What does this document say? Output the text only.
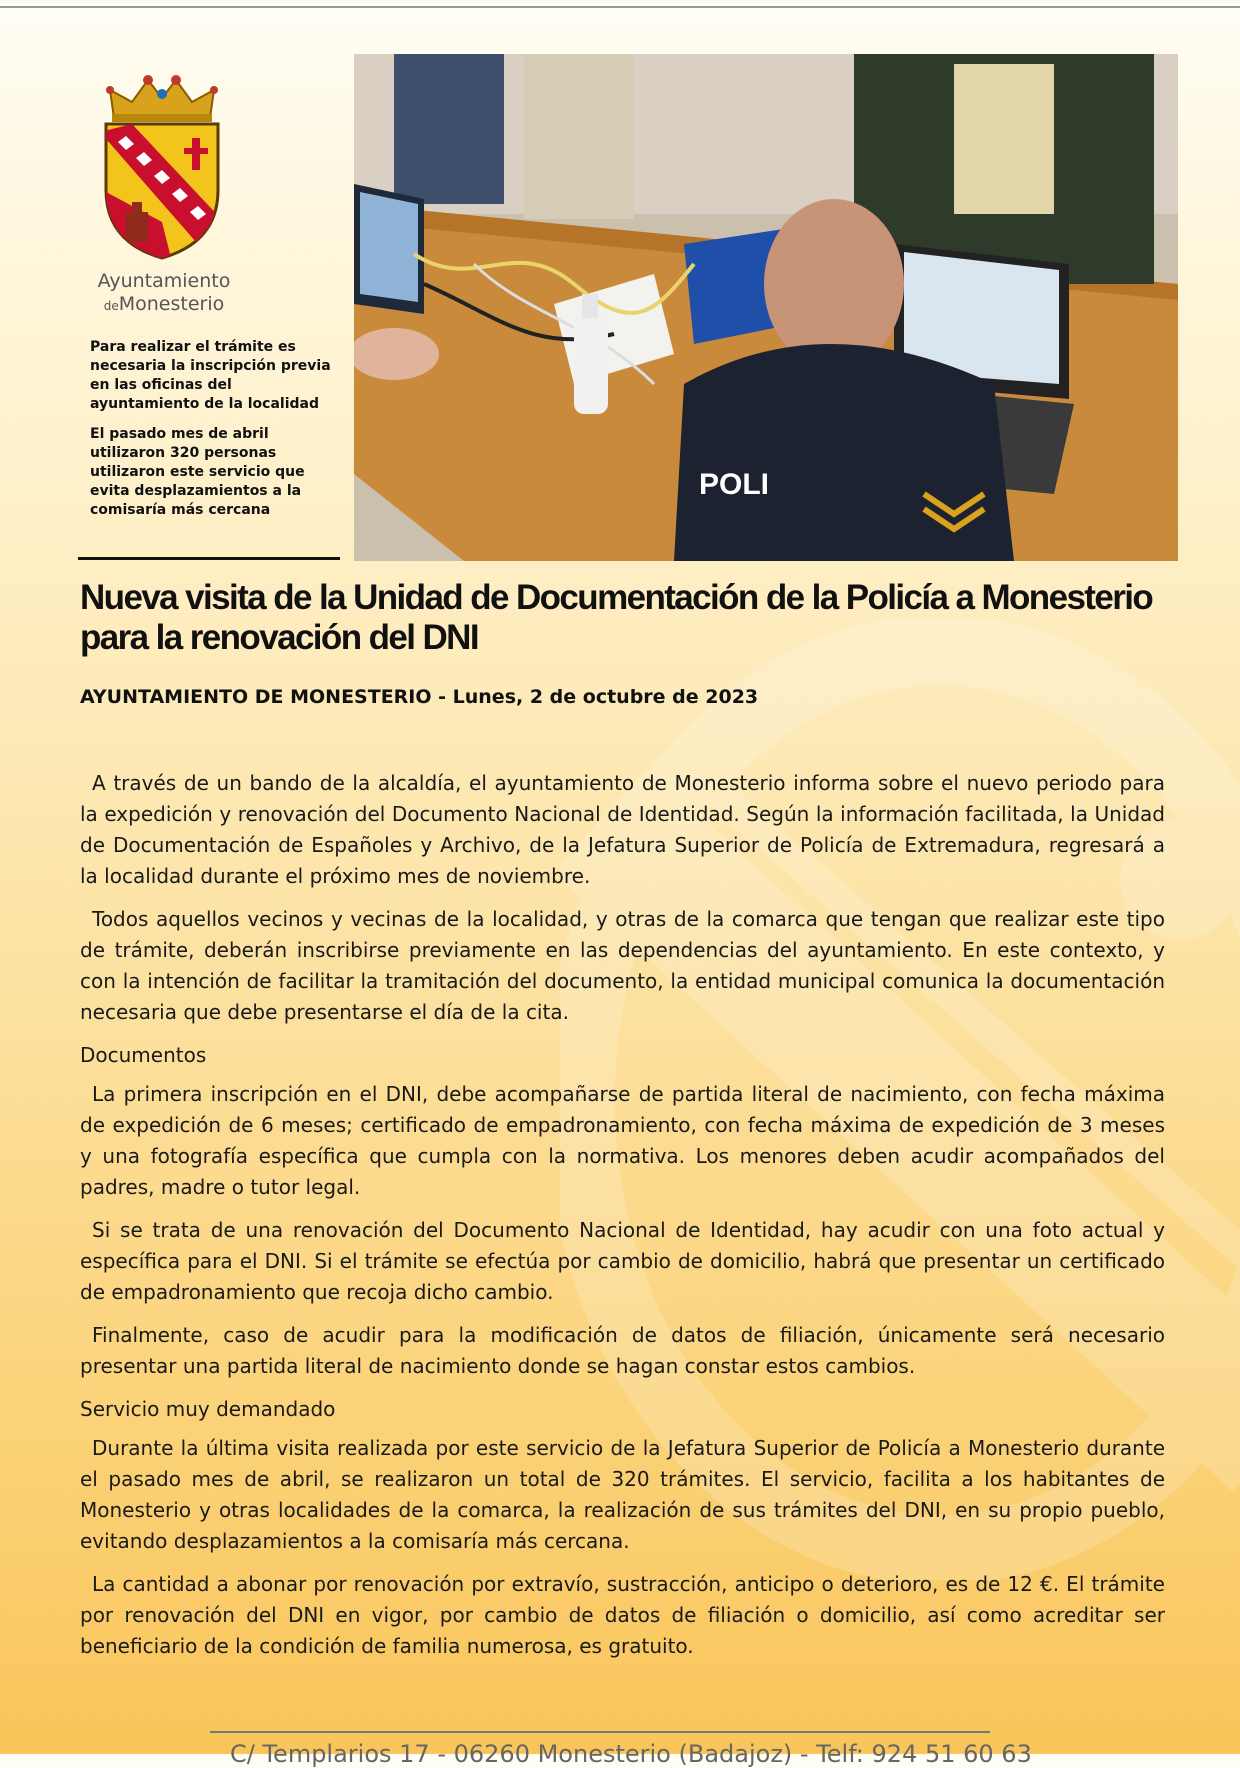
Ayuntamiento
deMonesterio

Para realizar el trámite es necesaria la inscripción previa en las oficinas del ayuntamiento de la localidad

El pasado mes de abril utilizaron 320 personas utilizaron este servicio que evita desplazamientos a la comisaría más cercana

POLI
Nueva visita de la Unidad de Documentación de la Policía a Monesterio para la renovación del DNI
AYUNTAMIENTO DE MONESTERIO - Lunes, 2 de octubre de 2023

A través de un bando de la alcaldía, el ayuntamiento de Monesterio informa sobre el nuevo periodo para la expedición y renovación del Documento Nacional de Identidad. Según la información facilitada, la Unidad de Documentación de Españoles y Archivo, de la Jefatura Superior de Policía de Extremadura, regresará a la localidad durante el próximo mes de noviembre.

Todos aquellos vecinos y vecinas de la localidad, y otras de la comarca que tengan que realizar este tipo de trámite, deberán inscribirse previamente en las dependencias del ayuntamiento. En este contexto, y con la intención de facilitar la tramitación del documento, la entidad municipal comunica la documentación necesaria que debe presentarse el día de la cita.

Documentos

La primera inscripción en el DNI, debe acompañarse de partida literal de nacimiento, con fecha máxima de expedición de 6 meses; certificado de empadronamiento, con fecha máxima de expedición de 3 meses y una fotografía específica que cumpla con la normativa. Los menores deben acudir acompañados del padres, madre o tutor legal.

Si se trata de una renovación del Documento Nacional de Identidad, hay acudir con una foto actual y específica para el DNI. Si el trámite se efectúa por cambio de domicilio, habrá que presentar un certificado de empadronamiento que recoja dicho cambio.

Finalmente, caso de acudir para la modificación de datos de filiación, únicamente será necesario presentar una partida literal de nacimiento donde se hagan constar estos cambios.

Servicio muy demandado

Durante la última visita realizada por este servicio de la Jefatura Superior de Policía a Monesterio durante el pasado mes de abril, se realizaron un total de 320 trámites. El servicio, facilita a los habitantes de Monesterio y otras localidades de la comarca, la realización de sus trámites del DNI, en su propio pueblo, evitando desplazamientos a la comisaría más cercana.

La cantidad a abonar por renovación por extravío, sustracción, anticipo o deterioro, es de 12 €. El trámite por renovación del DNI en vigor, por cambio de datos de filiación o domicilio, así como acreditar ser beneficiario de la condición de familia numerosa, es gratuito.

C/ Templarios 17 - 06260 Monesterio (Badajoz) - Telf: 924 51 60 63
